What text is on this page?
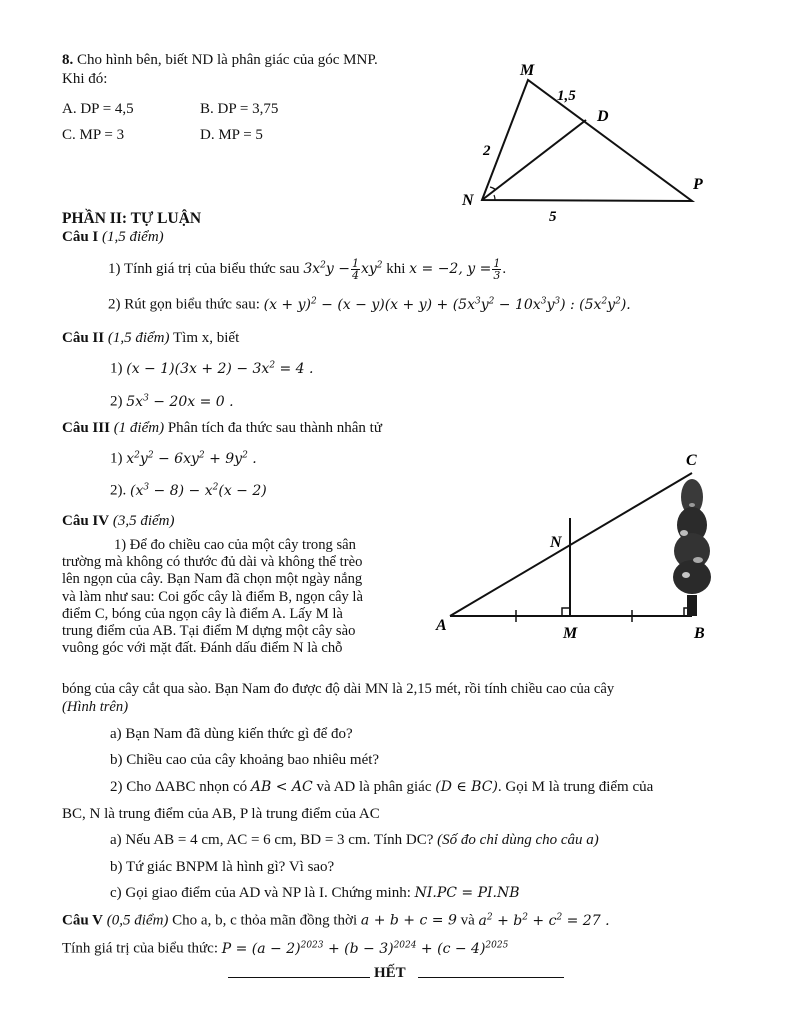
8. Cho hình bên, biết ND là phân giác của góc MNP.
Khi đó:
A. DP = 4,5	B. DP = 3,75
C. MP = 3	D. MP = 5
M
D
N
P
1,5
2
5
PHẦN II: TỰ LUẬN
Câu I (1,5 điểm)
1) Tính giá trị của biểu thức sau $3x^2y - \frac{1}{4} xy^2$ khi x = −2, $y = \frac{1}{3}$ .
2) Rút gọn biểu thức sau: $(x + y)^2 - (x - y)(x + y) + (5x^3y^2 - 10x^3y^3)$ : $(5x^2y^2)$.
Câu II (1,5 điểm) Tìm x, biết
1) $(x - 1)(3x + 2) - 3x^2 = 4$ .
2) $5x^3 - 20x = 0$ .
Câu III (1 điểm) Phân tích đa thức sau thành nhân tử
1) $x^2y^2 - 6xy^2 + 9y^2$ .
2). $(x^3 - 8) - x^2(x - 2)$
Câu IV (3,5 điểm)
1) Để đo chiều cao của một cây trong sân
trường mà không có thước đủ dài và không thể trèo
lên ngọn của cây. Bạn Nam đã chọn một ngày nắng
và làm như sau: Coi gốc cây là điểm B, ngọn cây là
điểm C, bóng của ngọn cây là điểm A. Lấy M là
trung điểm của AB. Tại điểm M dựng một cây sào
vuông góc với mặt đất. Đánh dấu điểm N là chỗ
bóng của cây cắt qua sào. Bạn Nam đo được độ dài MN là 2,15 mét, rồi tính chiều cao của cây
(Hình trên)
a) Bạn Nam đã dùng kiến thức gì để đo?
b) Chiều cao của cây khoảng bao nhiêu mét?
2) Cho ΔABC nhọn có AB < AC và AD là phân giác (D ∈ BC). Gọi M là trung điểm của
BC, N là trung điểm của AB, P là trung điểm của AC
a) Nếu AB = 4 cm, AC = 6 cm, BD = 3 cm. Tính DC? (Số đo chỉ dùng cho câu a)
b) Tứ giác BNPM là hình gì? Vì sao?
c) Gọi giao điểm của AD và NP là I. Chứng minh: NI.PC = PI.NB
A	M	B
C
N
Câu V (0,5 điểm) Cho a, b, c thỏa mãn đồng thời a + b + c = 9 và $a^2 + b^2 + c^2 = 27$ .
Tính giá trị của biểu thức: $P = (a - 2)^{2023} + (b - 3)^{2024} + (c - 4)^{2025}$
HẾT
